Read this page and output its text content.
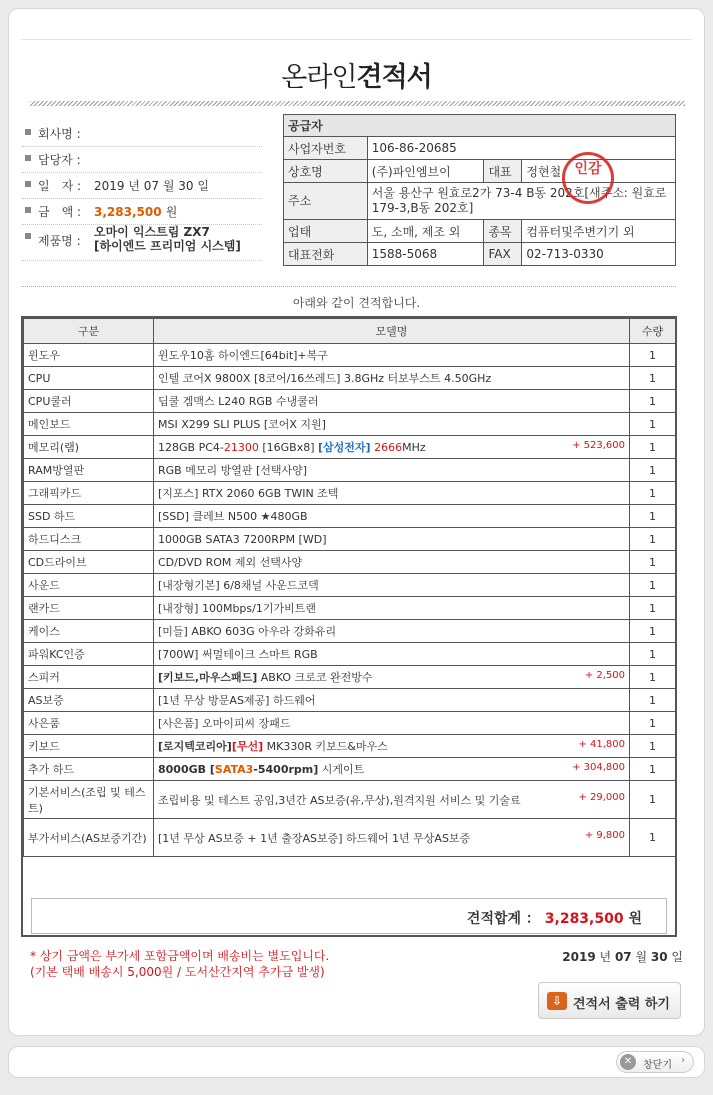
온라인견적서
회사명 :
담당자 :
일　자 : 2019 년 07 월 30 일
금　액 : 3,283,500 원
제품명 :
오마이 익스트림 ZX7
[하이엔드 프리미엄 시스템]
공급자			
사업자번호	106-86-20685		
상호명	(주)파인엠브이	대표	정현철
주소	서울 용산구 원효로2가 73-4 B동 202호[새주소: 원효로 179-3,B동 202호]		
업태	도, 소매, 제조 외	종목	컴퓨터및주변기기 외
대표전화	1588-5068	FAX	02-713-0330
인감
아래와 같이 견적합니다.
구분	모델명	수량
윈도우	윈도우10홈 하이엔드[64bit]+복구	1
CPU	인텔 코어X 9800X [8코어/16쓰레드] 3.8GHz 터보부스트 4.50GHz	1
CPU쿨러	딥쿨 겜맥스 L240 RGB 수냉쿨러	1
메인보드	MSI X299 SLI PLUS [코어X 지원]	1
메모리(램)	128GB PC4-21300 [16GBx8] [삼성전자] 2666MHz + 523,600	1
RAM방열판	RGB 메모리 방열판 [선택사양]	1
그래픽카드	[지포스] RTX 2060 6GB TWIN 조텍	1
SSD 하드	[SSD] 클레브 N500 ★480GB	1
하드디스크	1000GB SATA3 7200RPM [WD]	1
CD드라이브	CD/DVD ROM 제외 선택사양	1
사운드	[내장형기본] 6/8채널 사운드코덱	1
랜카드	[내장형] 100Mbps/1기가비트랜	1
케이스	[미들] ABKO 603G 아우라 강화유리	1
파워KC인증	[700W] 써멀테이크 스마트 RGB	1
스피커	[키보드,마우스패드] ABKO 크로코 완전방수 + 2,500	1
AS보증	[1년 무상 방문AS제공] 하드웨어	1
사은품	[사은품] 오마이피씨 장패드	1
키보드	[로지텍코리아][무선] MK330R 키보드&마우스 + 41,800	1
추가 하드	8000GB [SATA3-5400rpm] 시게이트 + 304,800	1
기본서비스(조립 및 테스트)	조립비용 및 테스트 공임,3년간 AS보증(유,무상),원격지원 서비스 및 기술료 + 29,000	1
부가서비스(AS보증기간)	[1년 무상 AS보증 + 1년 출장AS보증] 하드웨어 1년 무상AS보증 + 9,800	1
견적합계 ： 3,283,500 원
* 상기 금액은 부가세 포함금액이며 배송비는 별도입니다.
(기본 택배 배송시 5,000원 / 도서산간지역 추가금 발생)
2019 년 07 월 30 일
⇩ 견적서 출력 하기
✕	창닫기 ›
